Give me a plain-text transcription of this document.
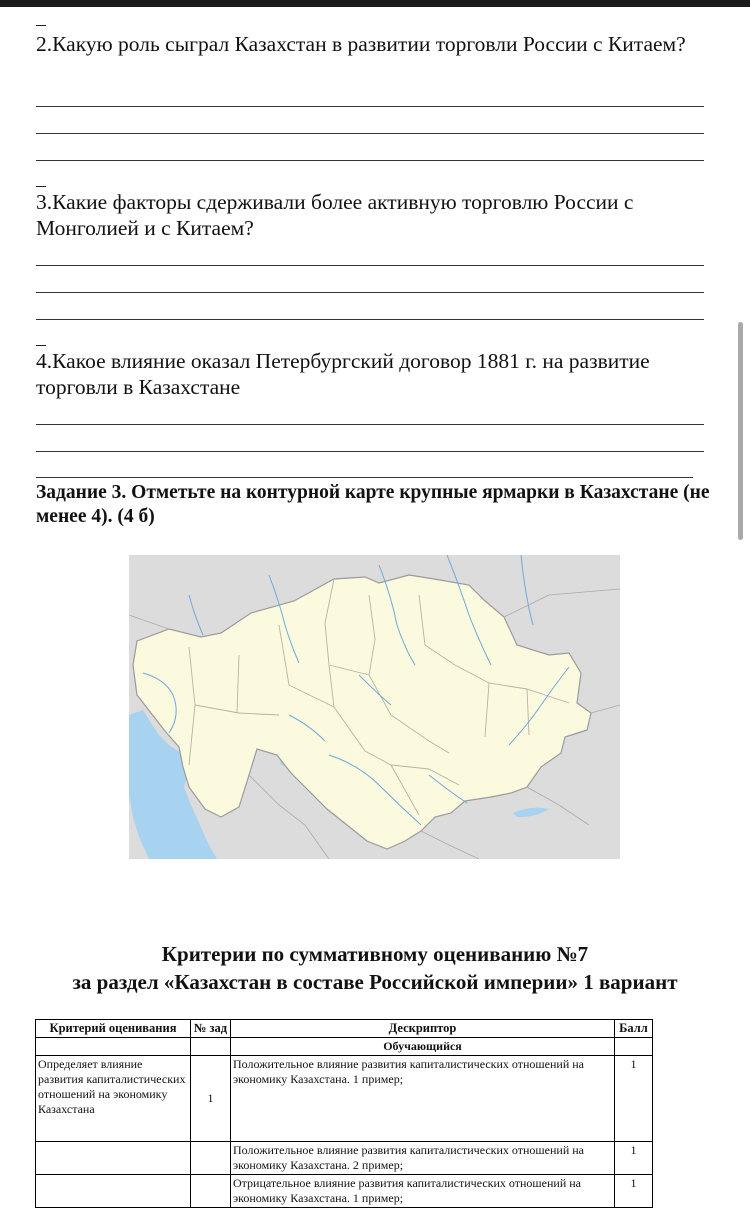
2.Какую роль сыграл Казахстан в развитии торговли России с Китаем?

3.Какие факторы сдерживали более активную торговлю России с Монголией и с Китаем?

4.Какое влияние оказал Петербургский договор 1881 г. на развитие торговли в Казахстане

Задание 3. Отметьте на контурной карте крупные ярмарки в Казахстане (не менее 4). (4 б)

Критерии по суммативному оцениванию №7

за раздел «Казахстан в составе Российской империи» 1 вариант

Критерий оценивания	№ зад	Дескриптор	Балл
		Обучающийся	
Определяет влияние развития капиталистических отношений на экономику Казахстана	1	Положительное влияние развития капиталистических отношений на экономику Казахстана. 1 пример;	1
		Положительное влияние развития капиталистических отношений на экономику Казахстана. 2 пример;	1
		Отрицательное влияние развития капиталистических отношений на экономику Казахстана. 1 пример;	1
